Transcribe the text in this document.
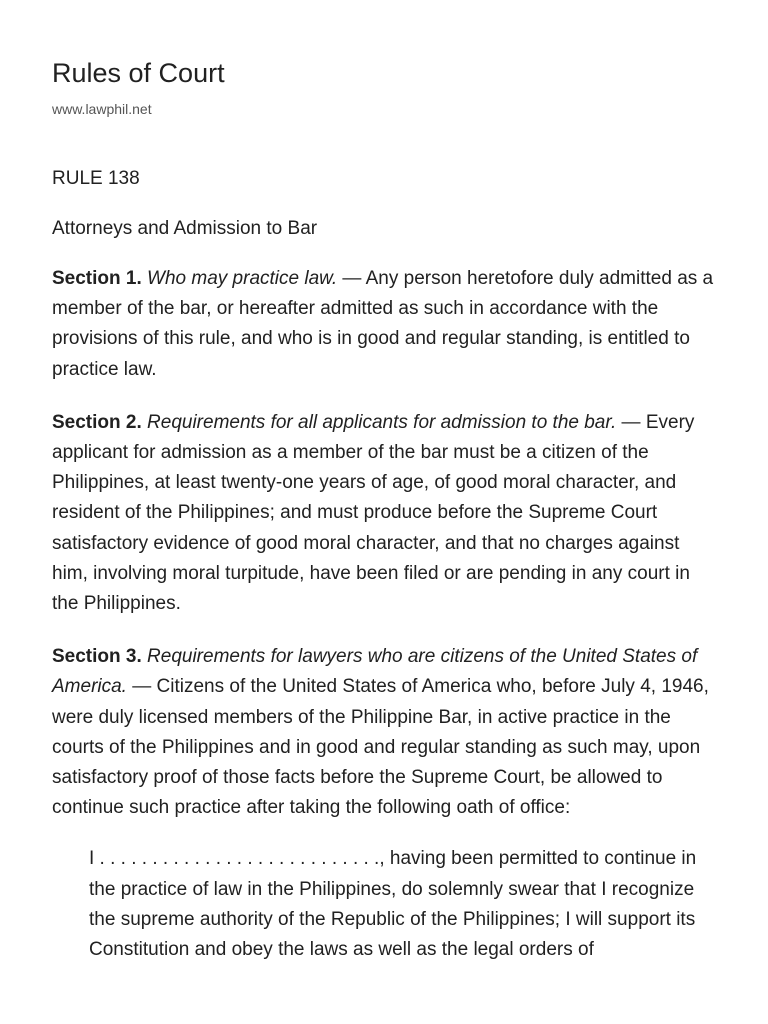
Rules of Court
www.lawphil.net
RULE 138
Attorneys and Admission to Bar

Section 1. Who may practice law. — Any person heretofore duly admitted as a member of the bar, or hereafter admitted as such in accordance with the provisions of this rule, and who is in good and regular standing, is entitled to practice law.

Section 2. Requirements for all applicants for admission to the bar. — Every applicant for admission as a member of the bar must be a citizen of the Philippines, at least twenty-one years of age, of good moral character, and resident of the Philippines; and must produce before the Supreme Court satisfactory evidence of good moral character, and that no charges against him, involving moral turpitude, have been filed or are pending in any court in the Philippines.

Section 3. Requirements for lawyers who are citizens of the United States of America. — Citizens of the United States of America who, before July 4, 1946, were duly licensed members of the Philippine Bar, in active practice in the courts of the Philippines and in good and regular standing as such may, upon satisfactory proof of those facts before the Supreme Court, be allowed to continue such practice after taking the following oath of office:

I . . . . . . . . . . . . . . . . . . . . . . . . . . ., having been permitted to continue in the practice of law in the Philippines, do solemnly swear that I recognize the supreme authority of the Republic of the Philippines; I will support its Constitution and obey the laws as well as the legal orders of
